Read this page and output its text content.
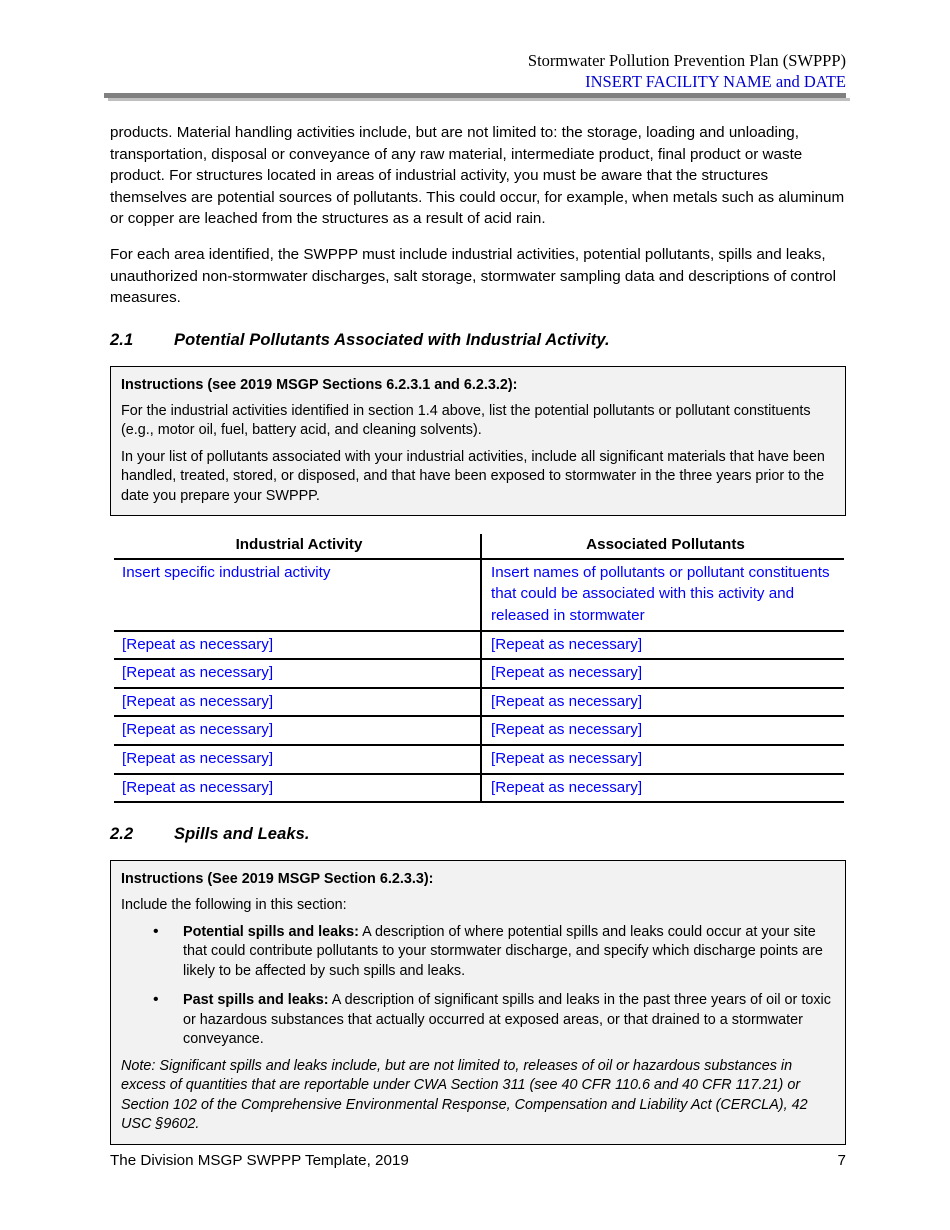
Stormwater Pollution Prevention Plan (SWPPP)
INSERT FACILITY NAME and DATE

products. Material handling activities include, but are not limited to: the storage, loading and unloading, transportation, disposal or conveyance of any raw material, intermediate product, final product or waste product. For structures located in areas of industrial activity, you must be aware that the structures themselves are potential sources of pollutants. This could occur, for example, when metals such as aluminum or copper are leached from the structures as a result of acid rain.

For each area identified, the SWPPP must include industrial activities, potential pollutants, spills and leaks, unauthorized non-stormwater discharges, salt storage, stormwater sampling data and descriptions of control measures.

2.1	Potential Pollutants Associated with Industrial Activity.
Instructions (see 2019 MSGP Sections 6.2.3.1 and 6.2.3.2):

For the industrial activities identified in section 1.4 above, list the potential pollutants or pollutant constituents (e.g., motor oil, fuel, battery acid, and cleaning solvents).

In your list of pollutants associated with your industrial activities, include all significant materials that have been handled, treated, stored, or disposed, and that have been exposed to stormwater in the three years prior to the date you prepare your SWPPP.

Industrial Activity	Associated Pollutants
Insert specific industrial activity	Insert names of pollutants or pollutant constituents that could be associated with this activity and released in stormwater
[Repeat as necessary]	[Repeat as necessary]
[Repeat as necessary]	[Repeat as necessary]
[Repeat as necessary]	[Repeat as necessary]
[Repeat as necessary]	[Repeat as necessary]
[Repeat as necessary]	[Repeat as necessary]
[Repeat as necessary]	[Repeat as necessary]
2.2	Spills and Leaks.
Instructions (See 2019 MSGP Section 6.2.3.3):

Include the following in this section:

• Potential spills and leaks: A description of where potential spills and leaks could occur at your site that could contribute pollutants to your stormwater discharge, and specify which discharge points are likely to be affected by such spills and leaks.
• Past spills and leaks: A description of significant spills and leaks in the past three years of oil or toxic or hazardous substances that actually occurred at exposed areas, or that drained to a stormwater conveyance.

Note: Significant spills and leaks include, but are not limited to, releases of oil or hazardous substances in excess of quantities that are reportable under CWA Section 311 (see 40 CFR 110.6 and 40 CFR 117.21) or Section 102 of the Comprehensive Environmental Response, Compensation and Liability Act (CERCLA), 42 USC §9602.

The Division MSGP SWPPP Template, 2019	7
